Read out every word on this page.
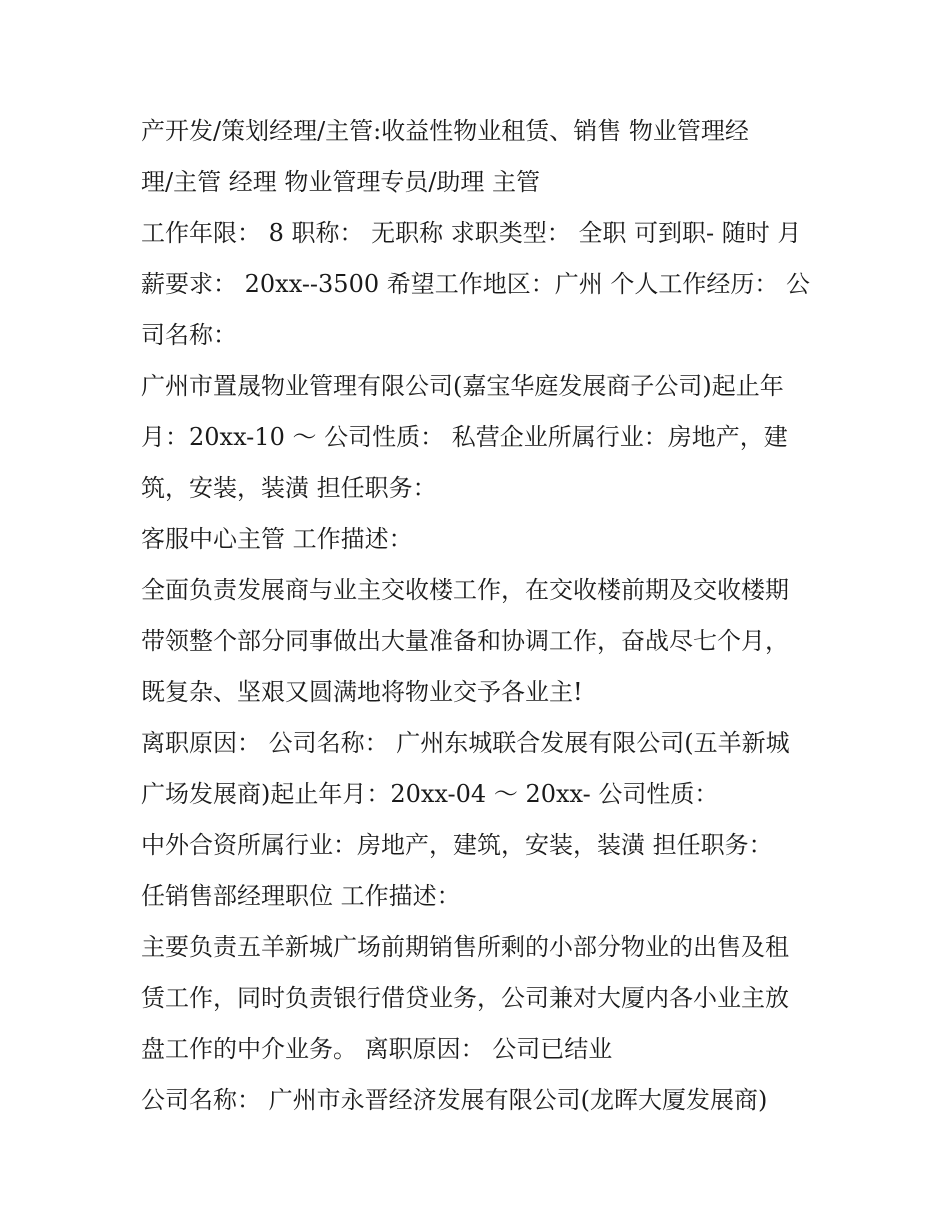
产开发/策划经理/主管:收益性物业租赁、销售 物业管理经
理/主管 经理 物业管理专员/助理 主管
工作年限： 8 职称： 无职称 求职类型： 全职 可到职- 随时 月
薪要求： 20xx--3500 希望工作地区：广州 个人工作经历： 公
司名称：
广州市置晟物业管理有限公司(嘉宝华庭发展商子公司)起止年
月：20xx-10 ～ 公司性质： 私营企业所属行业：房地产，建
筑，安装，装潢 担任职务：
客服中心主管 工作描述：
全面负责发展商与业主交收楼工作，在交收楼前期及交收楼期
带领整个部分同事做出大量准备和协调工作，奋战尽七个月，
既复杂、坚艰又圆满地将物业交予各业主!
离职原因： 公司名称： 广州东城联合发展有限公司(五羊新城
广场发展商)起止年月：20xx-04 ～ 20xx- 公司性质：
中外合资所属行业：房地产，建筑，安装，装潢 担任职务：
任销售部经理职位 工作描述：
主要负责五羊新城广场前期销售所剩的小部分物业的出售及租
赁工作，同时负责银行借贷业务，公司兼对大厦内各小业主放
盘工作的中介业务。 离职原因： 公司已结业
公司名称： 广州市永晋经济发展有限公司(龙晖大厦发展商)
